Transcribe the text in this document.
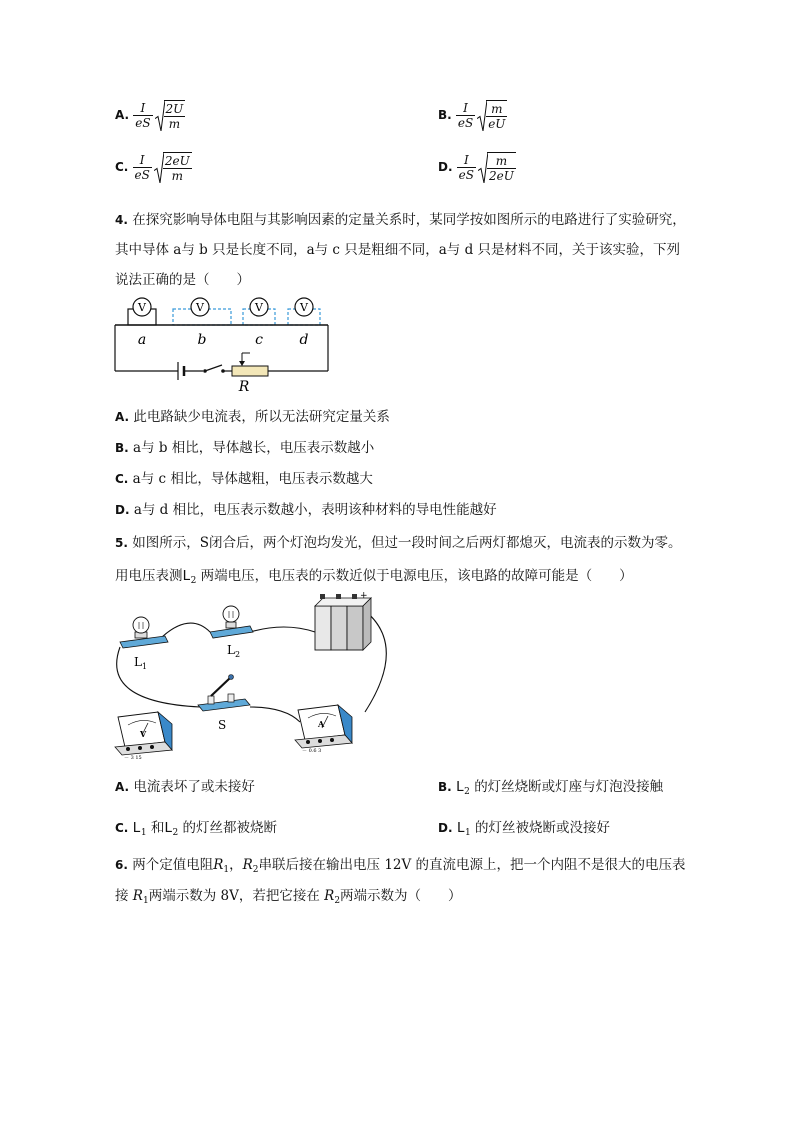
A. $\frac{I}{eS} \frac{2U}{m}$	B. $\frac{I}{eS} \frac{m}{eU}$
C. $\frac{I}{eS} \frac{2eU}{m}$	D. $\frac{I}{eS} \frac{m}{2eU}$
4. 在探究影响导体电阻与其影响因素的定量关系时，某同学按如图所示的电路进行了实验研究，
其中导体 a与 b 只是长度不同，a与 c 只是粗细不同，a与 d 只是材料不同，关于该实验，下列
说法正确的是（　　）
V	V	V	V
a	b	c	d
R
A. 此电路缺少电流表，所以无法研究定量关系
B. a与 b 相比，导体越长，电压表示数越小
C. a与 c 相比，导体越粗，电压表示数越大
D. a与 d 相比，电压表示数越小，表明该种材料的导电性能越好
5. 如图所示，S闭合后，两个灯泡均发光，但过一段时间之后两灯都熄灭，电流表的示数为零。
用电压表测$L_2$ 两端电压，电压表的示数近似于电源电压，该电路的故障可能是（　　）
L 1
L 2
+
S
V
－ 3 15
A
－ 0.6 3
A. 电流表坏了或未接好	B. $L_2$ 的灯丝烧断或灯座与灯泡没接触
C. $L_1$ 和$L_2$ 的灯丝都被烧断	D. $L_1$ 的灯丝被烧断或没接好
6. 两个定值电阻$R_1$，$R_2$串联后接在输出电压 12V 的直流电源上，把一个内阻不是很大的电压表
接 $R_1$两端示数为 8V，若把它接在 $R_2$两端示数为（　　）
